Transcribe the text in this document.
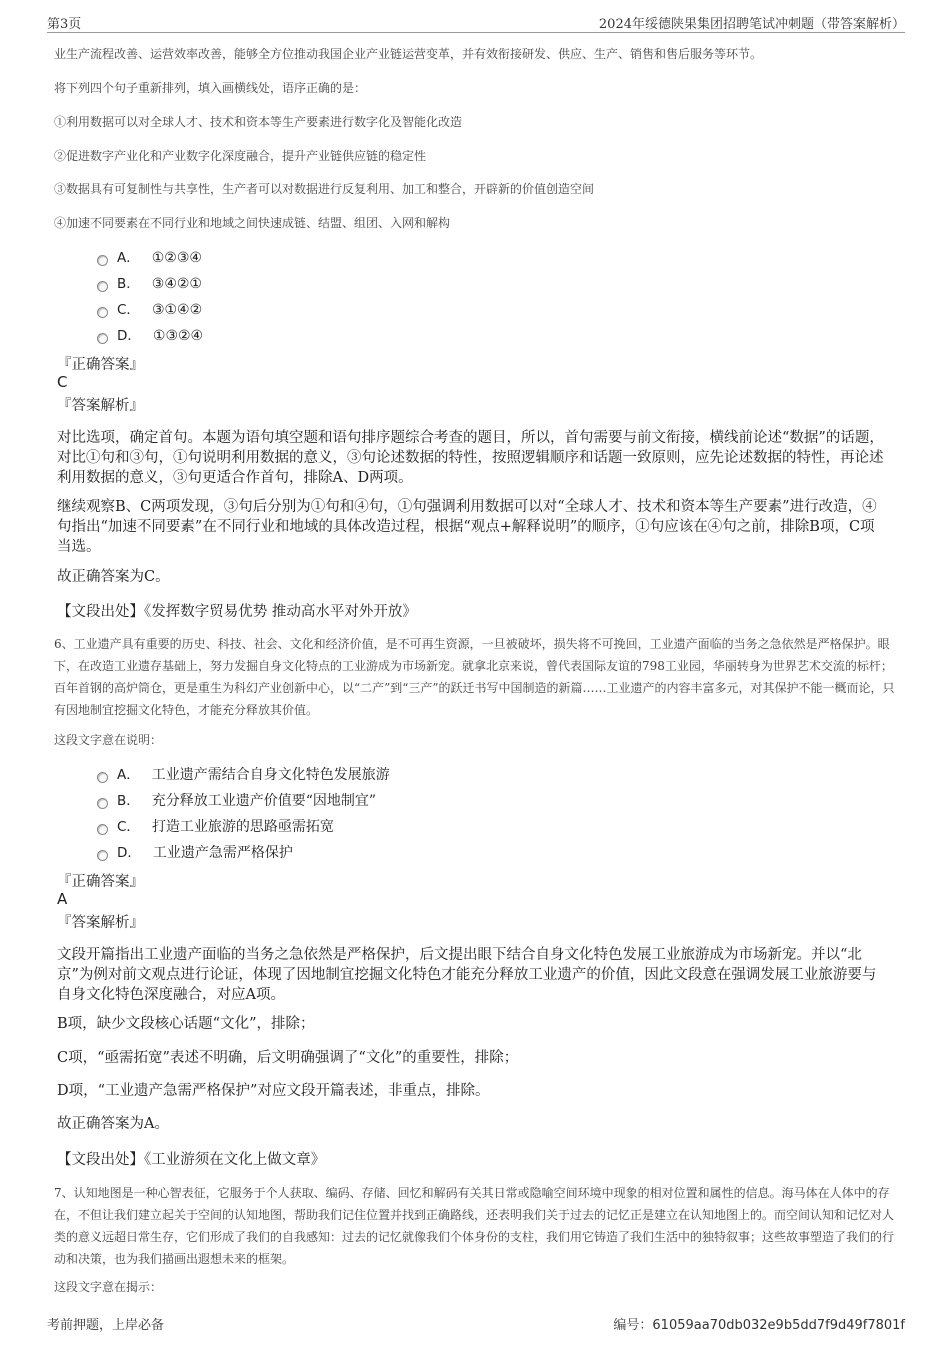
第3页	2024年绥德陕果集团招聘笔试冲刺题（带答案解析）
业生产流程改善、运营效率改善，能够全方位推动我国企业产业链运营变革，并有效衔接研发、供应、生产、销售和售后服务等环节。
将下列四个句子重新排列，填入画横线处，语序正确的是：
①利用数据可以对全球人才、技术和资本等生产要素进行数字化及智能化改造
②促进数字产业化和产业数字化深度融合，提升产业链供应链的稳定性
③数据具有可复制性与共享性，生产者可以对数据进行反复利用、加工和整合，开辟新的价值创造空间
④加速不同要素在不同行业和地域之间快速成链、结盟、组团、入网和解构
A． ①②③④
B． ③④②①
C． ③①④②
D． ①③②④
『正确答案』
C
『答案解析』
对比选项，确定首句。本题为语句填空题和语句排序题综合考查的题目，所以，首句需要与前文衔接，横线前论述“数据”的话题，对比①句和③句，①句说明利用数据的意义，③句论述数据的特性，按照逻辑顺序和话题一致原则，应先论述数据的特性，再论述利用数据的意义，③句更适合作首句，排除A、D两项。
继续观察B、C两项发现，③句后分别为①句和④句，①句强调利用数据可以对“全球人才、技术和资本等生产要素”进行改造，④句指出“加速不同要素”在不同行业和地域的具体改造过程，根据“观点+解释说明”的顺序，①句应该在④句之前，排除B项，C项当选。
故正确答案为C。
【文段出处】《发挥数字贸易优势 推动高水平对外开放》
6、工业遗产具有重要的历史、科技、社会、文化和经济价值，是不可再生资源，一旦被破坏，损失将不可挽回，工业遗产面临的当务之急依然是严格保护。眼下，在改造工业遗存基础上，努力发掘自身文化特点的工业游成为市场新宠。就拿北京来说，曾代表国际友谊的798工业园，华丽转身为世界艺术交流的标杆；百年首钢的高炉筒仓，更是重生为科幻产业创新中心，以“二产”到“三产”的跃迁书写中国制造的新篇……工业遗产的内容丰富多元，对其保护不能一概而论，只有因地制宜挖掘文化特色，才能充分释放其价值。
这段文字意在说明：
A． 工业遗产需结合自身文化特色发展旅游
B． 充分释放工业遗产价值要“因地制宜”
C． 打造工业旅游的思路亟需拓宽
D． 工业遗产急需严格保护
『正确答案』
A
『答案解析』
文段开篇指出工业遗产面临的当务之急依然是严格保护，后文提出眼下结合自身文化特色发展工业旅游成为市场新宠。并以“北京”为例对前文观点进行论证，体现了因地制宜挖掘文化特色才能充分释放工业遗产的价值，因此文段意在强调发展工业旅游要与自身文化特色深度融合，对应A项。
B项，缺少文段核心话题“文化”，排除；
C项，“亟需拓宽”表述不明确，后文明确强调了“文化”的重要性，排除；
D项，“工业遗产急需严格保护”对应文段开篇表述，非重点，排除。
故正确答案为A。
【文段出处】《工业游须在文化上做文章》
7、认知地图是一种心智表征，它服务于个人获取、编码、存储、回忆和解码有关其日常或隐喻空间环境中现象的相对位置和属性的信息。海马体在人体中的存在，不但让我们建立起关于空间的认知地图，帮助我们记住位置并找到正确路线，还表明我们关于过去的记忆正是建立在认知地图上的。而空间认知和记忆对人类的意义远超日常生存，它们形成了我们的自我感知：过去的记忆就像我们个体身份的支柱，我们用它铸造了我们生活中的独特叙事；这些故事塑造了我们的行动和决策，也为我们描画出遐想未来的框架。
这段文字意在揭示：
考前押题，上岸必备	编号：61059aa70db032e9b5dd7f9d49f7801f
